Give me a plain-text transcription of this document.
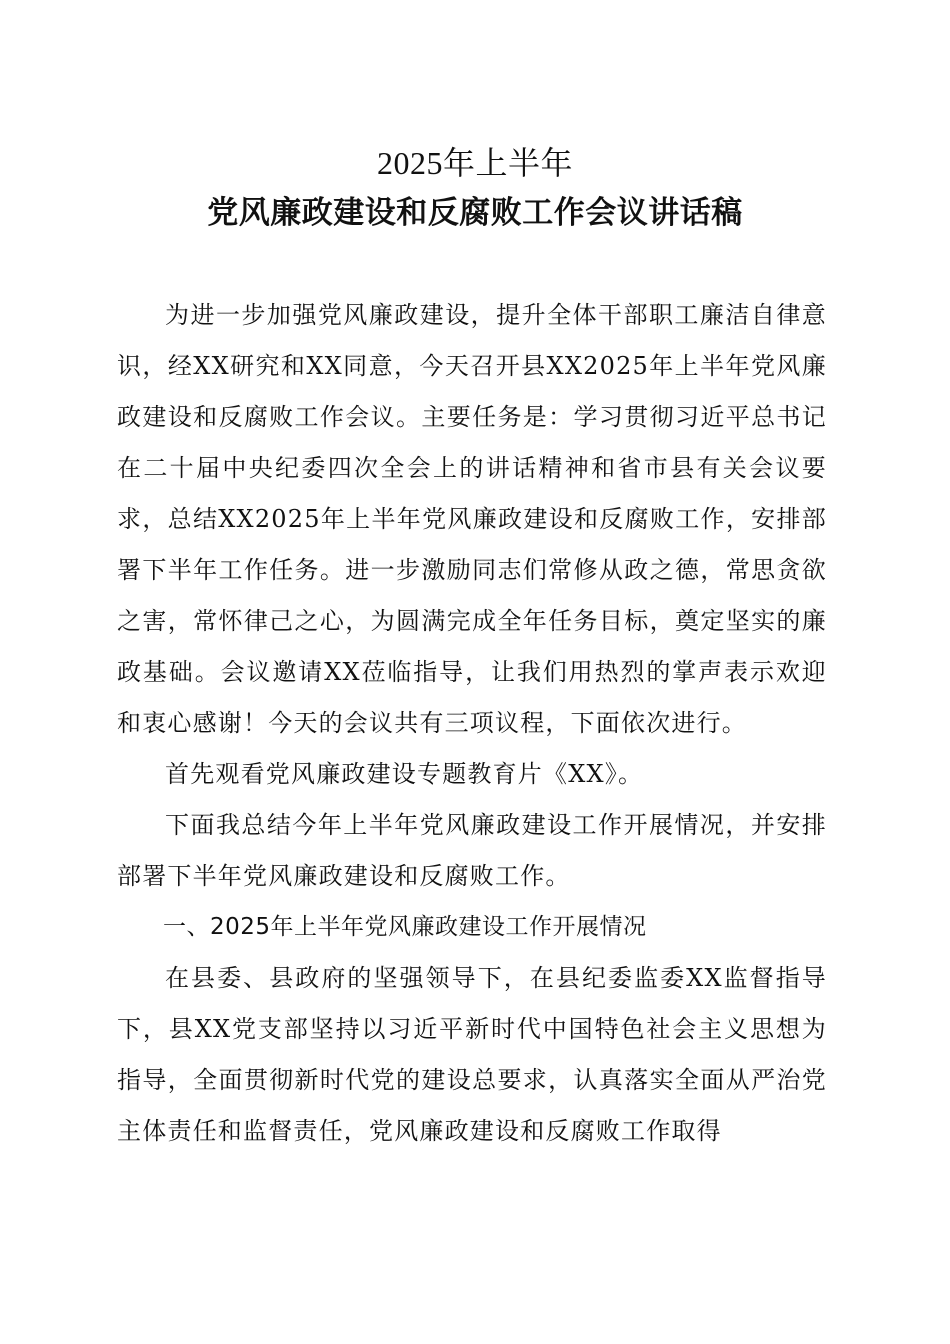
2025年上半年
党风廉政建设和反腐败工作会议讲话稿

为进一步加强党风廉政建设，提升全体干部职工廉洁自律意识，经XX研究和XX同意，今天召开县XX2025年上半年党风廉政建设和反腐败工作会议。主要任务是：学习贯彻习近平总书记在二十届中央纪委四次全会上的讲话精神和省市县有关会议要求，总结XX2025年上半年党风廉政建设和反腐败工作，安排部署下半年工作任务。进一步激励同志们常修从政之德，常思贪欲之害，常怀律己之心，为圆满完成全年任务目标，奠定坚实的廉政基础。会议邀请XX莅临指导，让我们用热烈的掌声表示欢迎和衷心感谢！今天的会议共有三项议程，下面依次进行。

首先观看党风廉政建设专题教育片《XX》。

下面我总结今年上半年党风廉政建设工作开展情况，并安排部署下半年党风廉政建设和反腐败工作。

一、2025年上半年党风廉政建设工作开展情况

在县委、县政府的坚强领导下，在县纪委监委XX监督指导下，县XX党支部坚持以习近平新时代中国特色社会主义思想为指导，全面贯彻新时代党的建设总要求，认真落实全面从严治党主体责任和监督责任，党风廉政建设和反腐败工作取得
